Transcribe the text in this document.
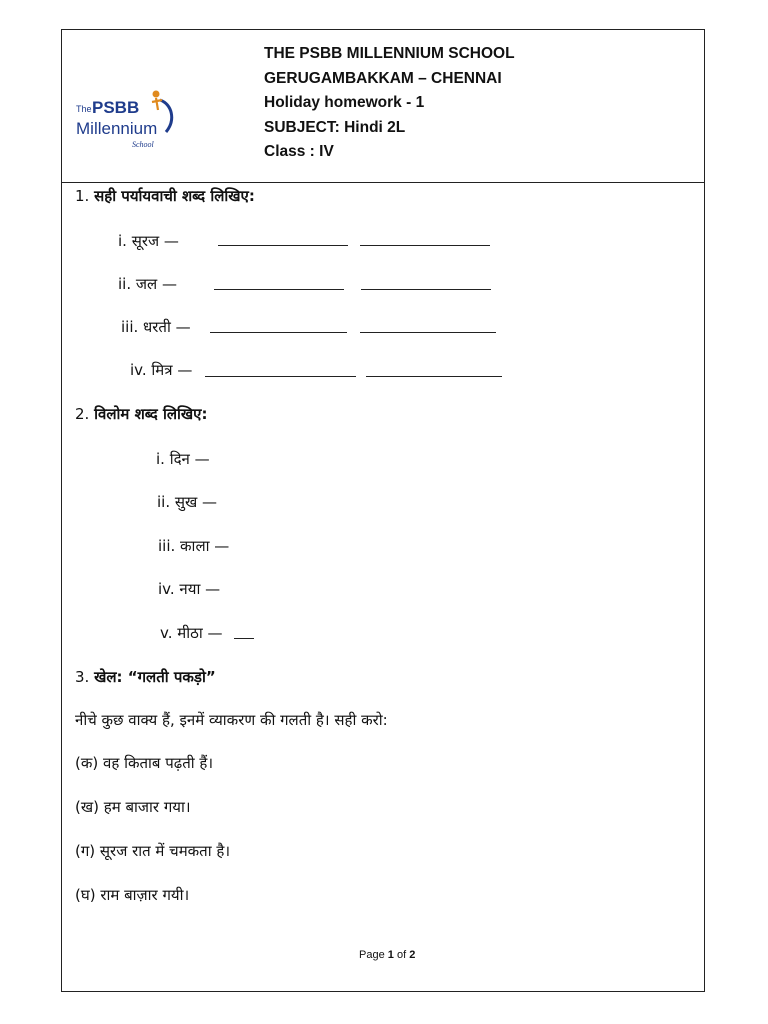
The PSBB
Millennium
School
THE PSBB MILLENNIUM SCHOOL
GERUGAMBAKKAM – CHENNAI
Holiday homework - 1
SUBJECT: Hindi 2L
Class : IV
1. सही पर्यायवाची शब्द लिखिए:
i. सूरज —
ii. जल —
iii. धरती —
iv. मित्र —
2. विलोम शब्द लिखिए:
i. दिन —
ii. सुख —
iii. काला —
iv. नया —
v. मीठा —
3. खेल: “गलती पकड़ो”
नीचे कुछ वाक्य हैं, इनमें व्याकरण की गलती है। सही करो:
(क) वह किताब पढ़ती हैं।
(ख) हम बाजार गया।
(ग) सूरज रात में चमकता है।
(घ) राम बाज़ार गयी।
Page 1 of 2
